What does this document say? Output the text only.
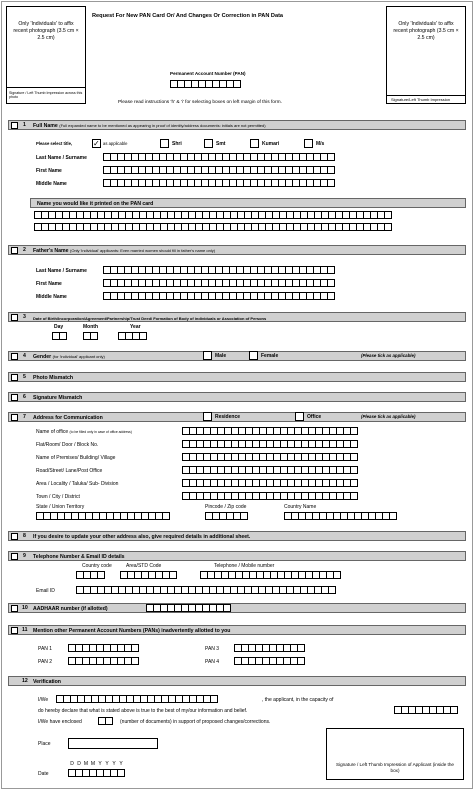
Only 'Individuals' to affix recent photograph (3.5 cm × 2.5 cm)
Signature / Left Thumb Impression across this photo
Request For New PAN Card Or/ And Changes Or Correction in PAN Data
Only 'Individuals' to affix recent photograph (3.5 cm × 2.5 cm)
Signature/Left Thumb Impression
Permanent Account Number (PAN)
Please read instructions 'h' & 'i' for selecting boxes on left margin of this form.
1 Full Name (Full expanded name to be mentioned as appearing in proof of identity/address documents: initials are not permitted)
Please select title,	✓ as applicable	Shri	Smt	Kumari	M/s
Last Name / Surname
First Name
Middle Name
Name you would like it printed on the PAN card
2 Father's Name (Only 'individual' applicants: Even married women should fill in father's name only)
Last Name / Surname
First Name
Middle Name
3 Date of Birth/Incorporation/Agreement/Partnership/Trust Deed/ Formation of Body of individuals or Association of Persons
Day	Month	Year
4 Gender (for 'individual' applicant only)	Male	Female	(Please tick as applicable)
5 Photo Mismatch
6 Signature Mismatch
7 Address for Communication	Residence	Office	(Please tick as applicable)
Name of office (to be filled only in case of office address)
Flat/Room/ Door / Block No.
Name of Premises/ Building/ Village
Road/Street/ Lane/Post Office
Area / Locality / Taluka/ Sub- Division
Town / City / District
State / Union Territory	Pincode / Zip code	Country Name
8 If you desire to update your other address also, give required details in additional sheet.
9 Telephone Number & Email ID details
Country code	Area/STD Code	Telephone / Mobile number
Email ID
10 AADHAAR number (if allotted)
11 Mention other Permanent Account Numbers (PANs) inadvertently allotted to you
PAN 1
PAN 2
PAN 3
PAN 4
12 Verification
I/We	, the applicant, in the capacity of
do hereby declare that what is stated above is true to the best of my/our information and belief.
I/We have enclosed	(number of documents) in support of proposed changes/corrections.
Place
D D M M Y Y Y Y
Date
Signature / Left Thumb Impression of Applicant (inside the box)
